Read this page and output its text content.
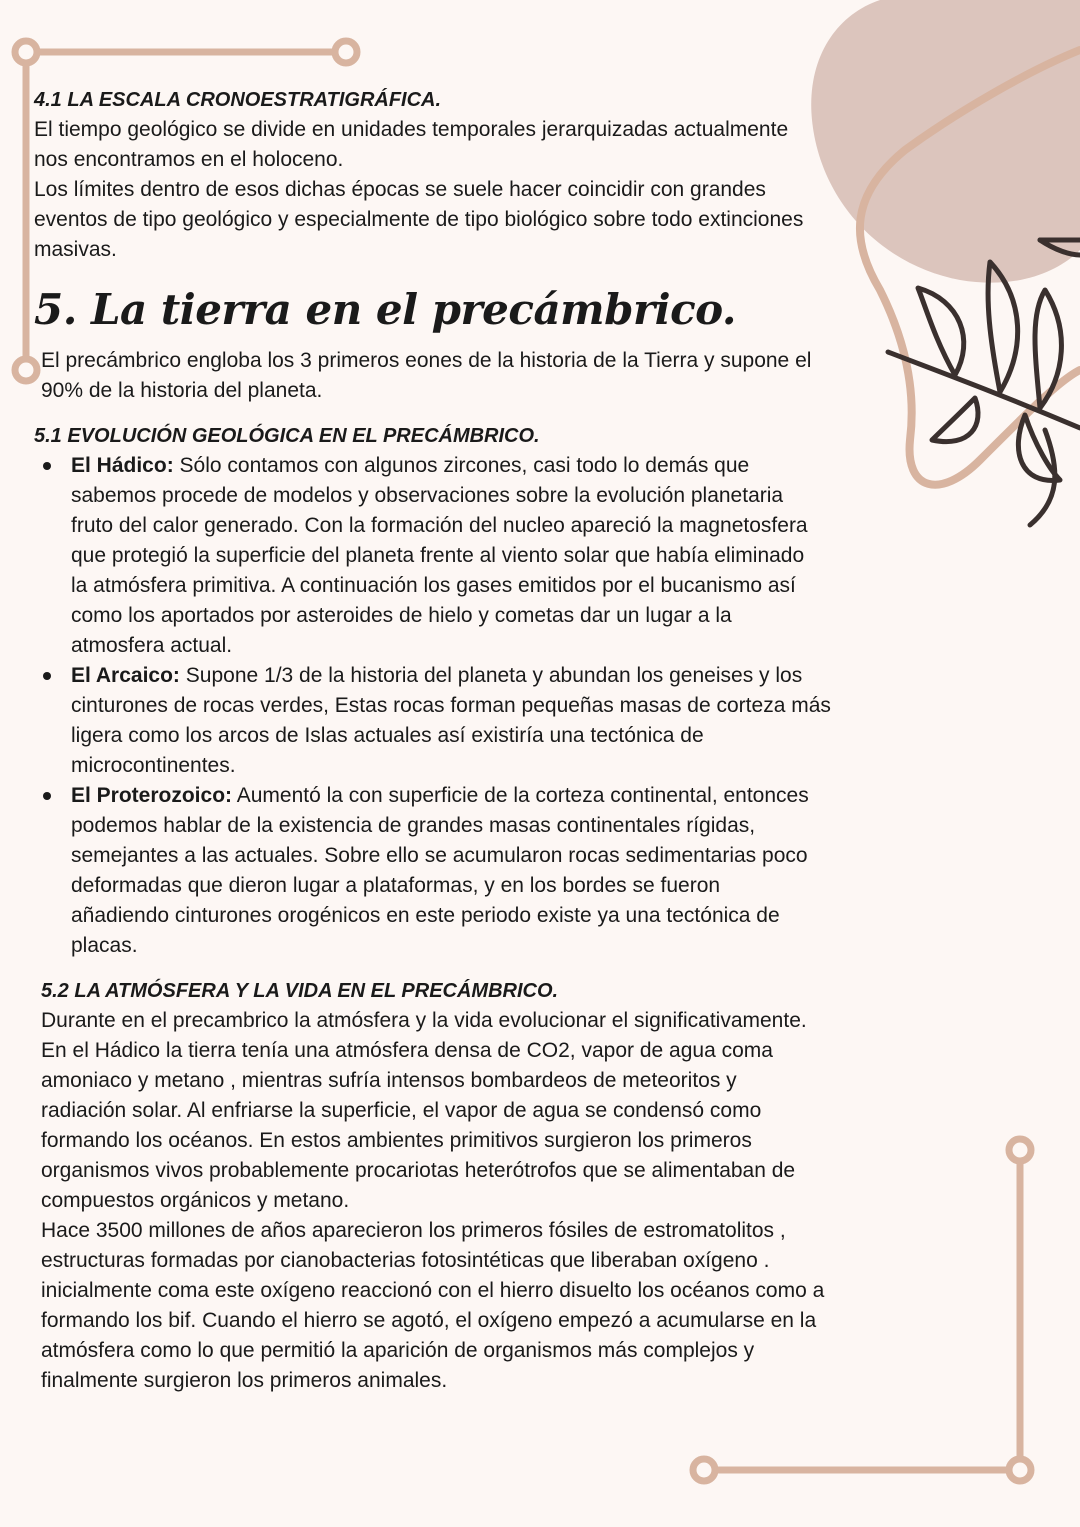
4.1 LA ESCALA CRONOESTRATIGRÁFICA.
El tiempo geológico se divide en unidades temporales jerarquizadas actualmente
nos encontramos en el holoceno.
Los límites dentro de esos dichas épocas se suele hacer coincidir con grandes
eventos de tipo geológico y especialmente de tipo biológico sobre todo extinciones
masivas.
5. La tierra en el precámbrico.
El precámbrico engloba los 3 primeros eones de la historia de la Tierra y supone el
90% de la historia del planeta.
5.1 EVOLUCIÓN GEOLÓGICA EN EL PRECÁMBRICO.
El Hádico: Sólo contamos con algunos zircones, casi todo lo demás que
sabemos procede de modelos y observaciones sobre la evolución planetaria
fruto del calor generado. Con la formación del nucleo apareció la magnetosfera
que protegió la superficie del planeta frente al viento solar que había eliminado
la atmósfera primitiva. A continuación los gases emitidos por el bucanismo así
como los aportados por asteroides de hielo y cometas dar un lugar a la
atmosfera actual.
El Arcaico: Supone 1/3 de la historia del planeta y abundan los geneises y los
cinturones de rocas verdes, Estas rocas forman pequeñas masas de corteza más
ligera como los arcos de Islas actuales así existiría una tectónica de
microcontinentes.
El Proterozoico: Aumentó la con superficie de la corteza continental, entonces
podemos hablar de la existencia de grandes masas continentales rígidas,
semejantes a las actuales. Sobre ello se acumularon rocas sedimentarias poco
deformadas que dieron lugar a plataformas, y en los bordes se fueron
añadiendo cinturones orogénicos en este periodo existe ya una tectónica de
placas.
5.2 LA ATMÓSFERA Y LA VIDA EN EL PRECÁMBRICO.
Durante en el precambrico la atmósfera y la vida evolucionar el significativamente.
En el Hádico la tierra tenía una atmósfera densa de CO2, vapor de agua coma
amoniaco y metano , mientras sufría intensos bombardeos de meteoritos y
radiación solar. Al enfriarse la superficie, el vapor de agua se condensó como
formando los océanos. En estos ambientes primitivos surgieron los primeros
organismos vivos probablemente procariotas heterótrofos que se alimentaban de
compuestos orgánicos y metano.
Hace 3500 millones de años aparecieron los primeros fósiles de estromatolitos ,
estructuras formadas por cianobacterias fotosintéticas que liberaban oxígeno .
inicialmente coma este oxígeno reaccionó con el hierro disuelto los océanos como a
formando los bif. Cuando el hierro se agotó, el oxígeno empezó a acumularse en la
atmósfera como lo que permitió la aparición de organismos más complejos y
finalmente surgieron los primeros animales.
